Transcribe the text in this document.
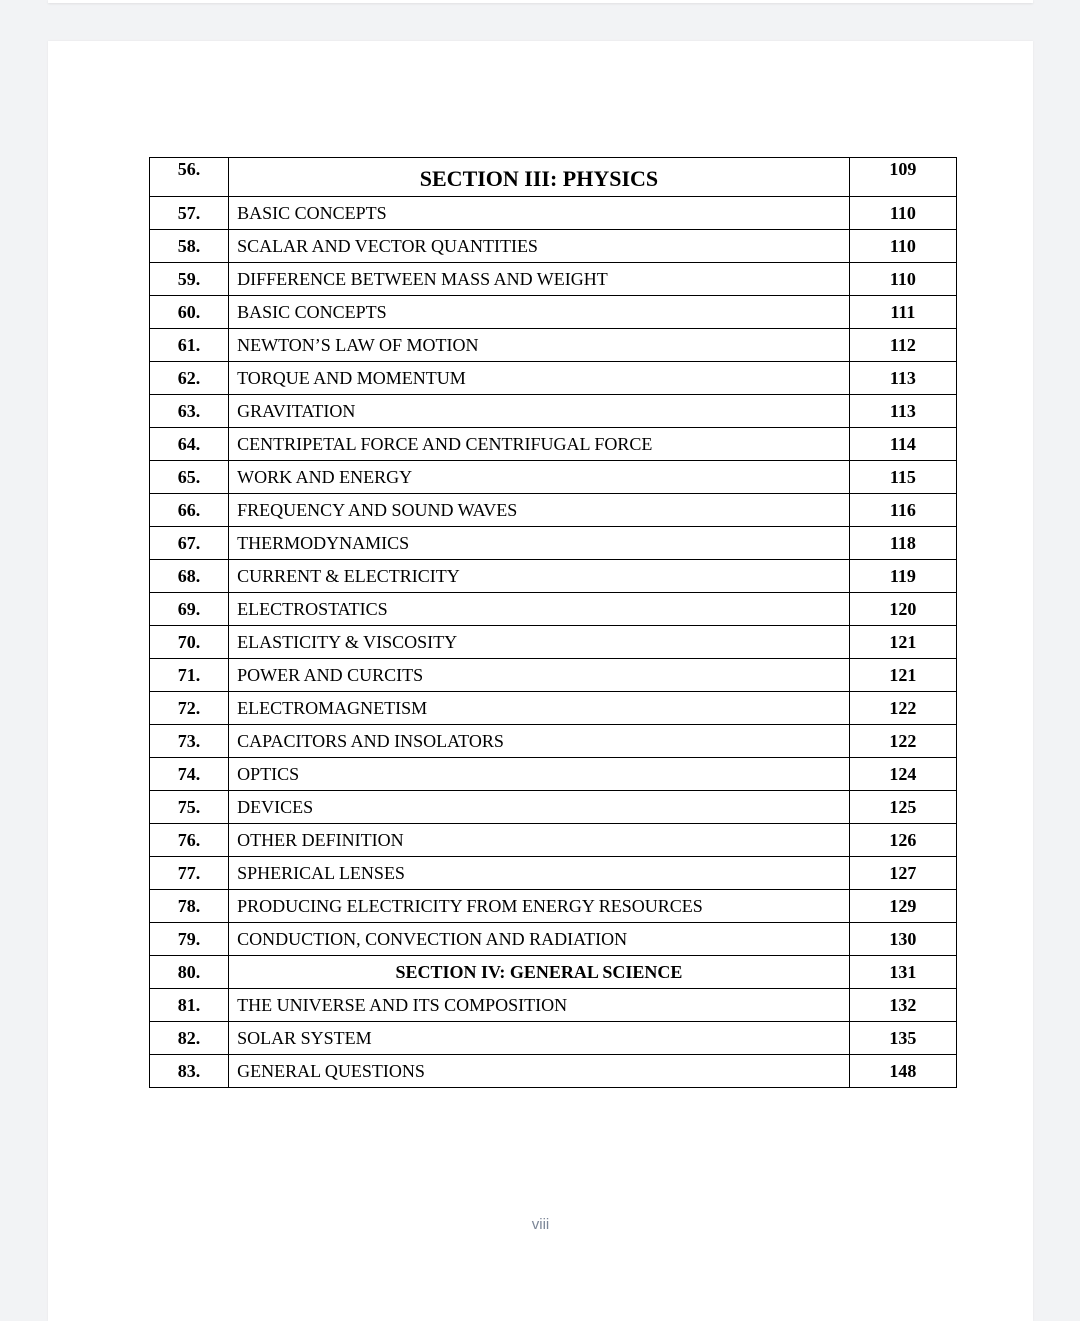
56.	SECTION III: PHYSICS	109
57.	BASIC CONCEPTS	110
58.	SCALAR AND VECTOR QUANTITIES	110
59.	DIFFERENCE BETWEEN MASS AND WEIGHT	110
60.	BASIC CONCEPTS	111
61.	NEWTON’S LAW OF MOTION	112
62.	TORQUE AND MOMENTUM	113
63.	GRAVITATION	113
64.	CENTRIPETAL FORCE AND CENTRIFUGAL FORCE	114
65.	WORK AND ENERGY	115
66.	FREQUENCY AND SOUND WAVES	116
67.	THERMODYNAMICS	118
68.	CURRENT & ELECTRICITY	119
69.	ELECTROSTATICS	120
70.	ELASTICITY & VISCOSITY	121
71.	POWER AND CURCITS	121
72.	ELECTROMAGNETISM	122
73.	CAPACITORS AND INSOLATORS	122
74.	OPTICS	124
75.	DEVICES	125
76.	OTHER DEFINITION	126
77.	SPHERICAL LENSES	127
78.	PRODUCING ELECTRICITY FROM ENERGY RESOURCES	129
79.	CONDUCTION, CONVECTION AND RADIATION	130
80.	SECTION IV: GENERAL SCIENCE	131
81.	THE UNIVERSE AND ITS COMPOSITION	132
82.	SOLAR SYSTEM	135
83.	GENERAL QUESTIONS	148
viii
